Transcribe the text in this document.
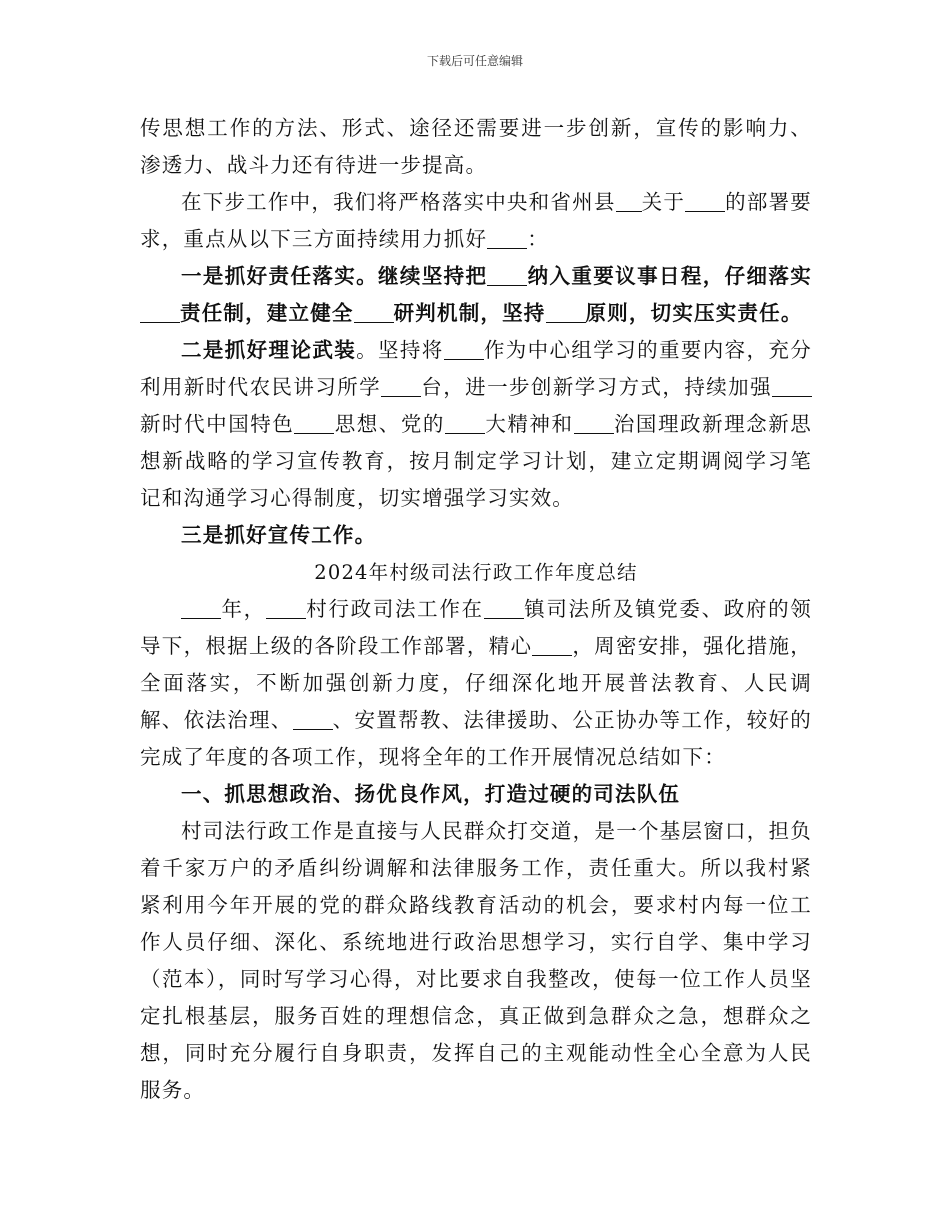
下载后可任意编辑

传思想工作的方法、形式、途径还需要进一步创新，宣传的影响力、渗透力、战斗力还有待进一步提高。

在下步工作中，我们将严格落实中央和省州县 关于 的部署要求，重点从以下三方面持续用力抓好 ：

一是抓好责任落实。继续坚持把 纳入重要议事日程，仔细落实责任制，建立健全 研判机制，坚持 原则，切实压实责任。

二是抓好理论武装。坚持将 作为中心组学习的重要内容，充分利用新时代农民讲习所学 台，进一步创新学习方式，持续加强新时代中国特色 思想、党的 大精神和 治国理政新理念新思想新战略的学习宣传教育，按月制定学习计划，建立定期调阅学习笔记和沟通学习心得制度，切实增强学习实效。

三是抓好宣传工作。

2024年村级司法行政工作年度总结

年， 村行政司法工作在 镇司法所及镇党委、政府的领导下，根据上级的各阶段工作部署，精心 ，周密安排，强化措施，全面落实，不断加强创新力度，仔细深化地开展普法教育、人民调解、依法治理、 、安置帮教、法律援助、公正协办等工作，较好的完成了年度的各项工作，现将全年的工作开展情况总结如下：

一、抓思想政治、扬优良作风，打造过硬的司法队伍

村司法行政工作是直接与人民群众打交道，是一个基层窗口，担负着千家万户的矛盾纠纷调解和法律服务工作，责任重大。所以我村紧紧利用今年开展的党的群众路线教育活动的机会，要求村内每一位工作人员仔细、深化、系统地进行政治思想学习，实行自学、集中学习（范本），同时写学习心得，对比要求自我整改，使每一位工作人员坚定扎根基层，服务百姓的理想信念，真正做到急群众之急，想群众之想，同时充分履行自身职责，发挥自己的主观能动性全心全意为人民服务。
